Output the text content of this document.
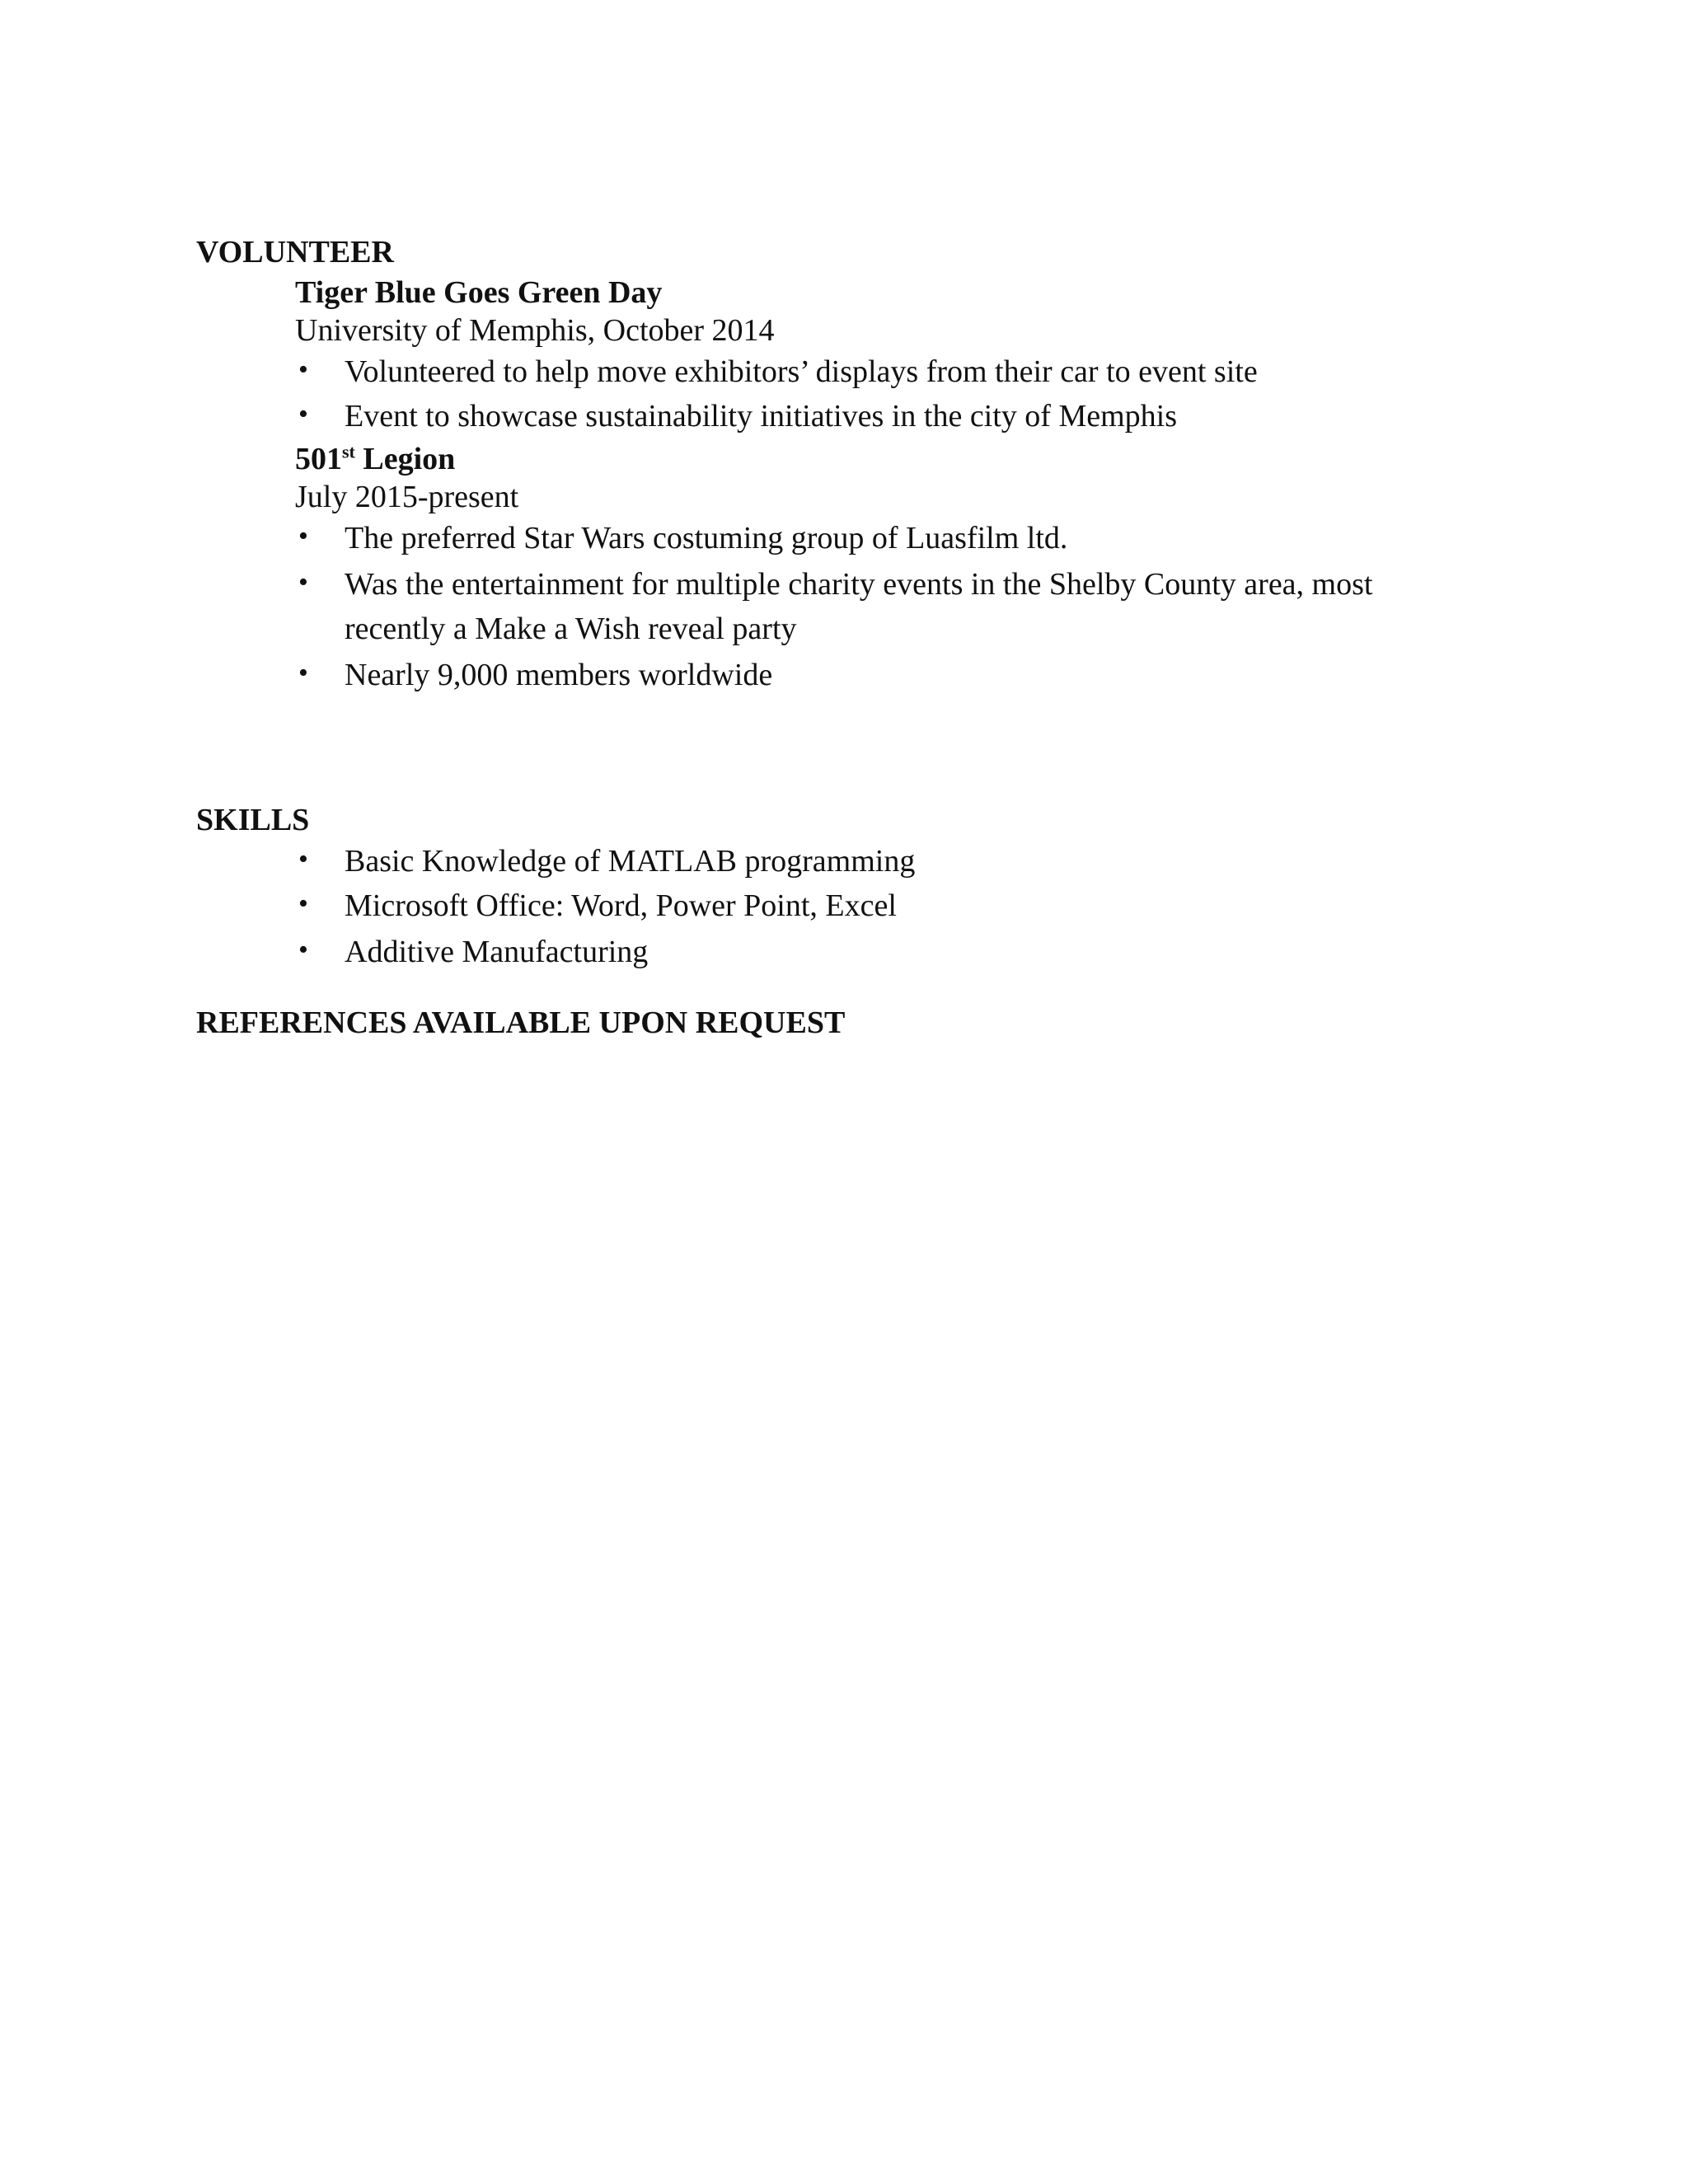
VOLUNTEER
Tiger Blue Goes Green Day
University of Memphis, October 2014
• Volunteered to help move exhibitors’ displays from their car to event site
• Event to showcase sustainability initiatives in the city of Memphis
501st Legion
July 2015-present
• The preferred Star Wars costuming group of Luasfilm ltd.
• Was the entertainment for multiple charity events in the Shelby County area, most
recently a Make a Wish reveal party
• Nearly 9,000 members worldwide
SKILLS
• Basic Knowledge of MATLAB programming
• Microsoft Office: Word, Power Point, Excel
• Additive Manufacturing
REFERENCES AVAILABLE UPON REQUEST
